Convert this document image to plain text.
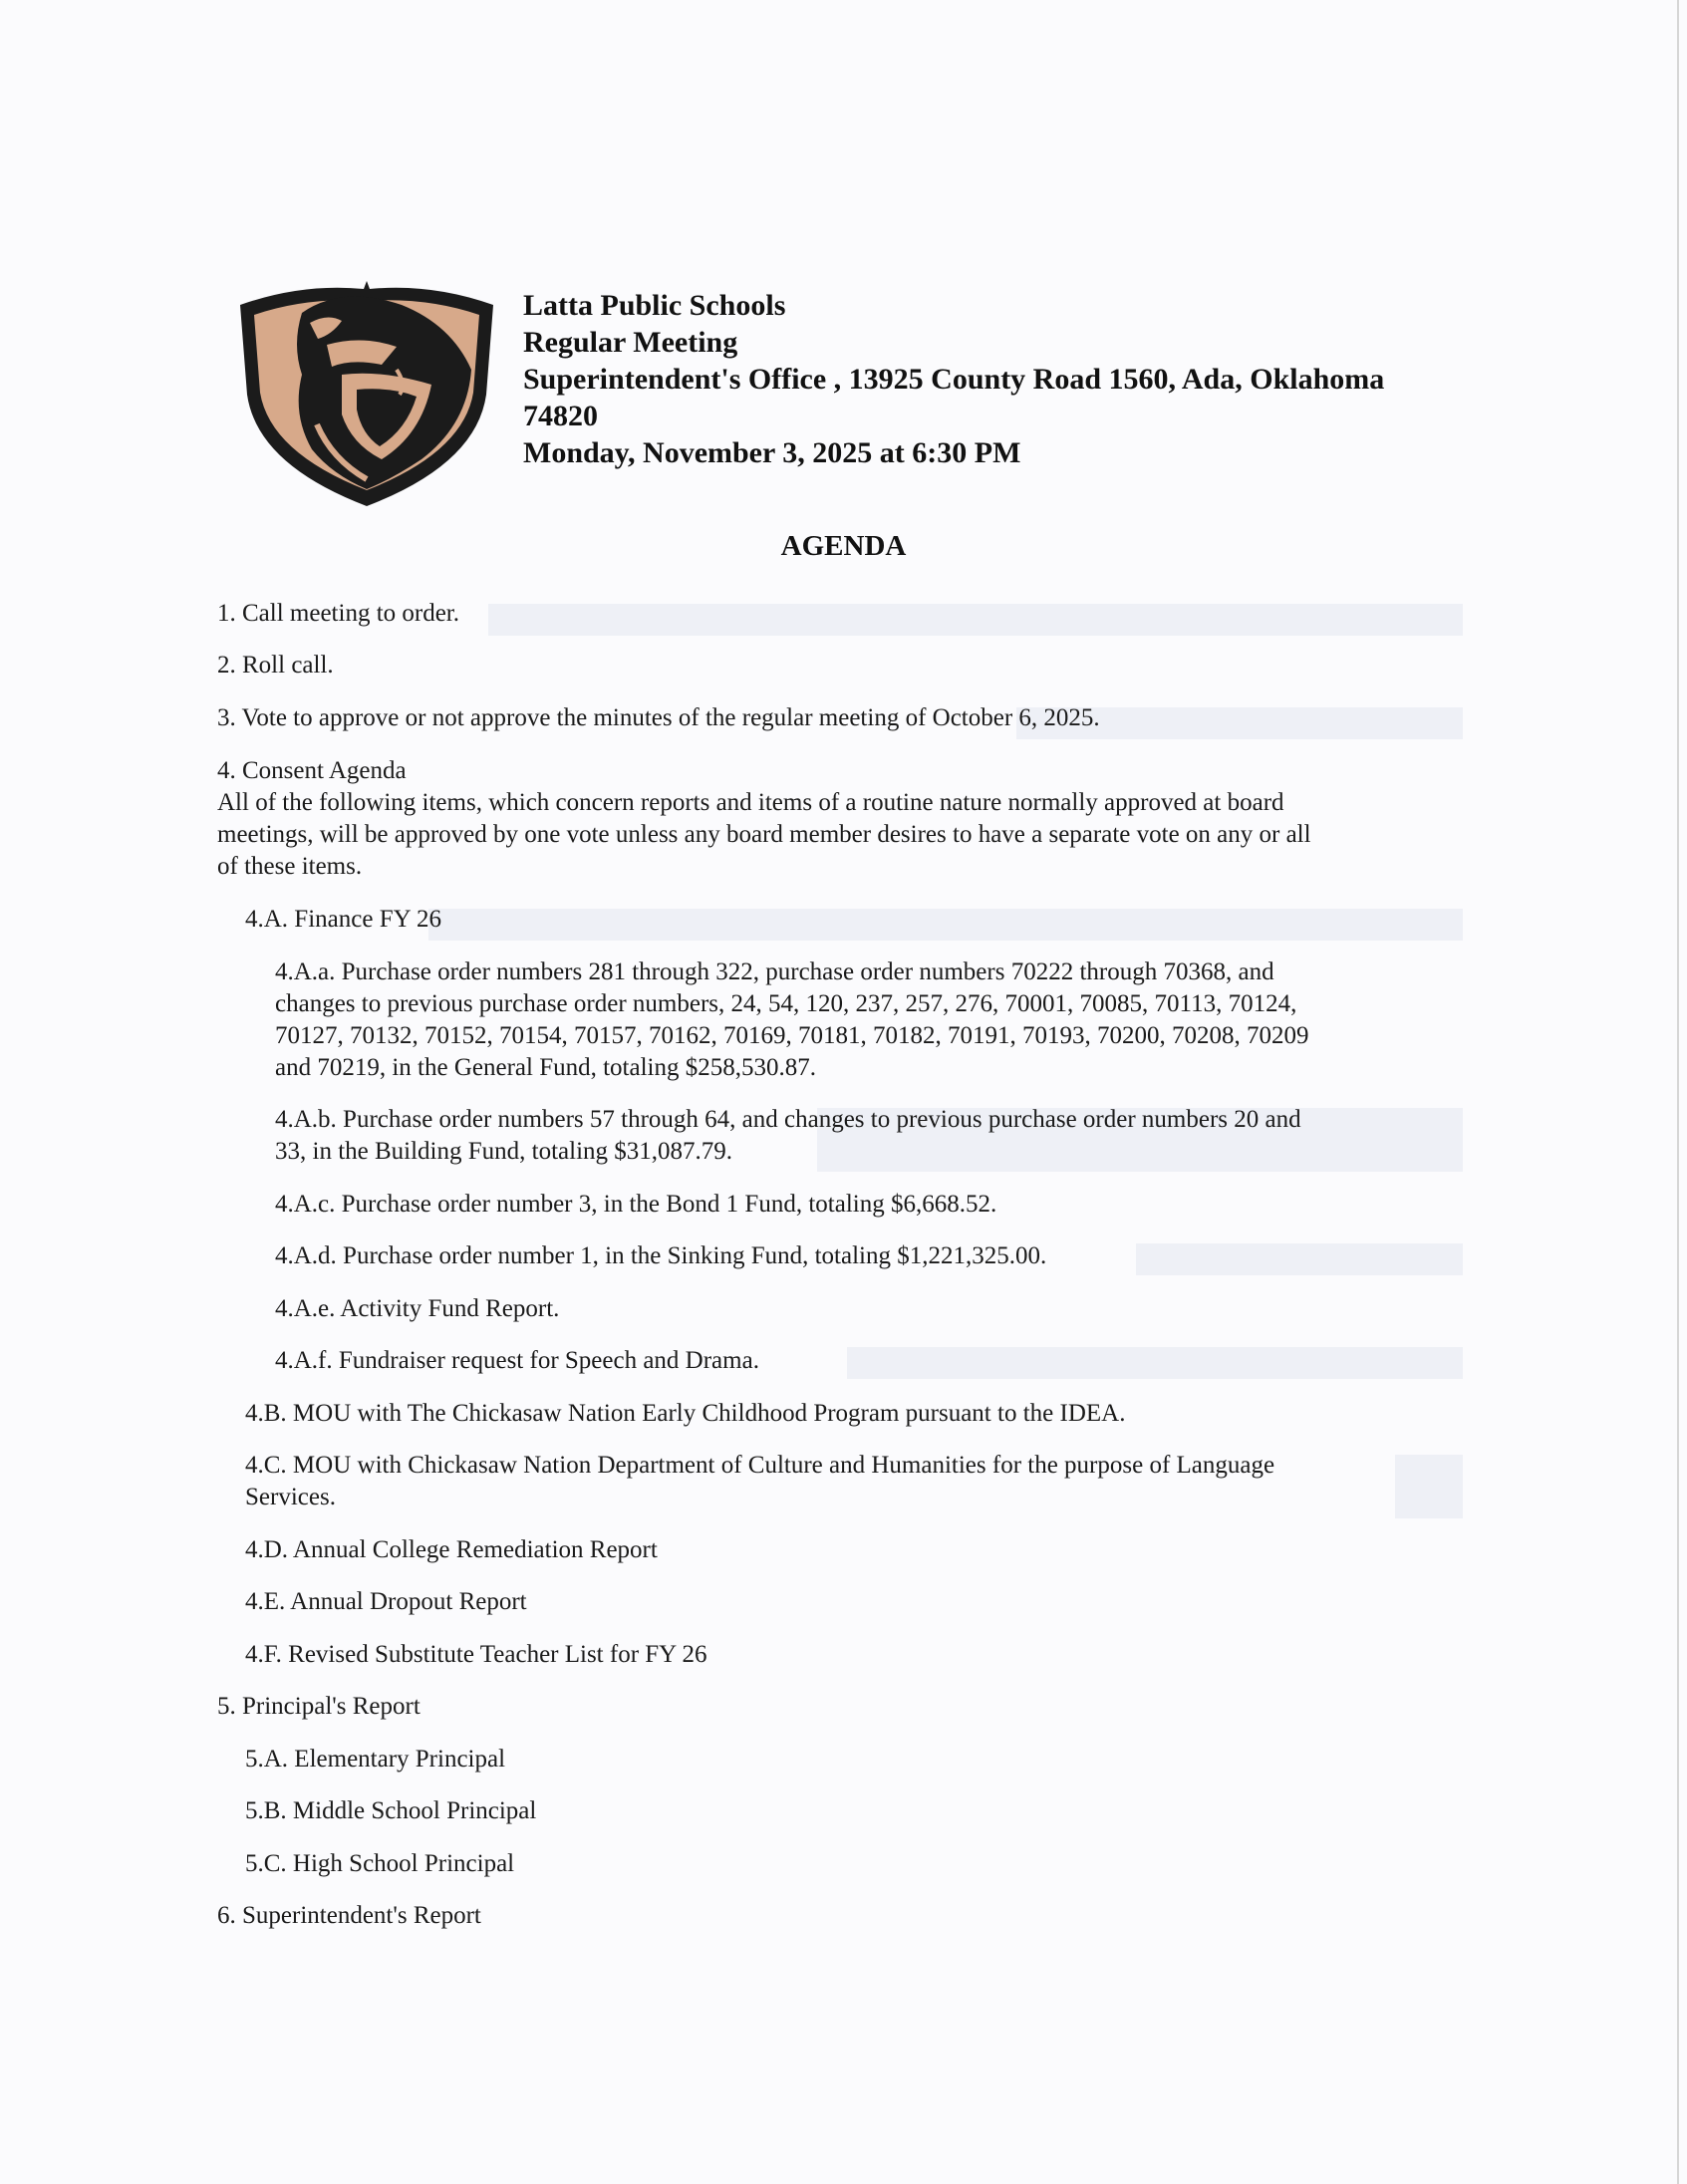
Latta Public Schools
Regular Meeting
Superintendent's Office , 13925 County Road 1560, Ada, Oklahoma
74820
Monday, November 3, 2025 at 6:30 PM
AGENDA
1. Call meeting to order.
2. Roll call.
3. Vote to approve or not approve the minutes of the regular meeting of October 6, 2025.
4. Consent Agenda
All of the following items, which concern reports and items of a routine nature normally approved at board
meetings, will be approved by one vote unless any board member desires to have a separate vote on any or all
of these items.
4.A. Finance FY 26
4.A.a. Purchase order numbers 281 through 322, purchase order numbers 70222 through 70368, and
changes to previous purchase order numbers, 24, 54, 120, 237, 257, 276, 70001, 70085, 70113, 70124,
70127, 70132, 70152, 70154, 70157, 70162, 70169, 70181, 70182, 70191, 70193, 70200, 70208, 70209
and 70219, in the General Fund, totaling $258,530.87.
4.A.b. Purchase order numbers 57 through 64, and changes to previous purchase order numbers 20 and
33, in the Building Fund, totaling $31,087.79.
4.A.c. Purchase order number 3, in the Bond 1 Fund, totaling $6,668.52.
4.A.d. Purchase order number 1, in the Sinking Fund, totaling $1,221,325.00.
4.A.e. Activity Fund Report.
4.A.f. Fundraiser request for Speech and Drama.
4.B. MOU with The Chickasaw Nation Early Childhood Program pursuant to the IDEA.
4.C. MOU with Chickasaw Nation Department of Culture and Humanities for the purpose of Language
Services.
4.D. Annual College Remediation Report
4.E. Annual Dropout Report
4.F. Revised Substitute Teacher List for FY 26
5. Principal's Report
5.A. Elementary Principal
5.B. Middle School Principal
5.C. High School Principal
6. Superintendent's Report
